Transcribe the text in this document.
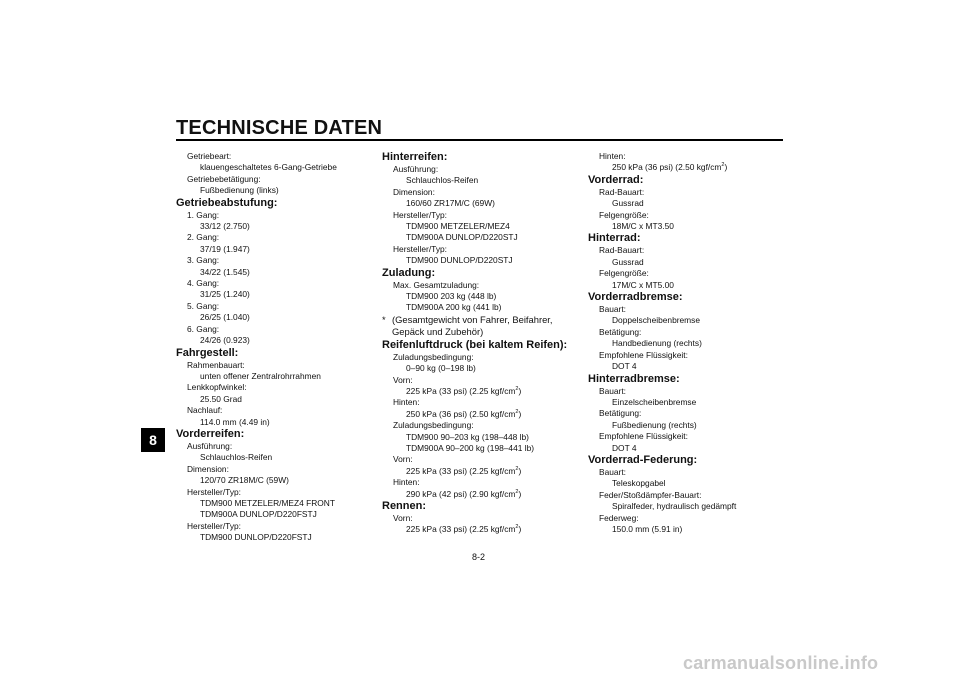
TECHNISCHE DATEN
8
Getriebeart:
klauengeschaltetes 6-Gang-Getriebe
Getriebebetätigung:
Fußbedienung (links)
Getriebeabstufung:
1. Gang:
33/12 (2.750)
2. Gang:
37/19 (1.947)
3. Gang:
34/22 (1.545)
4. Gang:
31/25 (1.240)
5. Gang:
26/25 (1.040)
6. Gang:
24/26 (0.923)
Fahrgestell:
Rahmenbauart:
unten offener Zentralrohrrahmen
Lenkkopfwinkel:
25.50 Grad
Nachlauf:
114.0 mm (4.49 in)
Vorderreifen:
Ausführung:
Schlauchlos-Reifen
Dimension:
120/70 ZR18M/C (59W)
Hersteller/Typ:
TDM900 METZELER/MEZ4 FRONT
TDM900A DUNLOP/D220FSTJ
Hersteller/Typ:
TDM900 DUNLOP/D220FSTJ
Hinterreifen:
Ausführung:
Schlauchlos-Reifen
Dimension:
160/60 ZR17M/C (69W)
Hersteller/Typ:
TDM900 METZELER/MEZ4
TDM900A DUNLOP/D220STJ
Hersteller/Typ:
TDM900 DUNLOP/D220STJ
Zuladung:
Max. Gesamtzuladung:
TDM900 203 kg (448 lb)
TDM900A 200 kg (441 lb)
* (Gesamtgewicht von Fahrer, Beifahrer, Gepäck und Zubehör)
Reifenluftdruck (bei kaltem Reifen):
Zuladungsbedingung:
0–90 kg (0–198 lb)
Vorn:
225 kPa (33 psi) (2.25 kgf/$cm^2$)
Hinten:
250 kPa (36 psi) (2.50 kgf/$cm^2$)
Zuladungsbedingung:
TDM900 90–203 kg (198–448 lb)
TDM900A 90–200 kg (198–441 lb)
Vorn:
225 kPa (33 psi) (2.25 kgf/$cm^2$)
Hinten:
290 kPa (42 psi) (2.90 kgf/$cm^2$)
Rennen:
Vorn:
225 kPa (33 psi) (2.25 kgf/$cm^2$)
Hinten:
250 kPa (36 psi) (2.50 kgf/$cm^2$)
Vorderrad:
Rad-Bauart:
Gussrad
Felgengröße:
18M/C x MT3.50
Hinterrad:
Rad-Bauart:
Gussrad
Felgengröße:
17M/C x MT5.00
Vorderradbremse:
Bauart:
Doppelscheibenbremse
Betätigung:
Handbedienung (rechts)
Empfohlene Flüssigkeit:
DOT 4
Hinterradbremse:
Bauart:
Einzelscheibenbremse
Betätigung:
Fußbedienung (rechts)
Empfohlene Flüssigkeit:
DOT 4
Vorderrad-Federung:
Bauart:
Teleskopgabel
Feder/Stoßdämpfer-Bauart:
Spiralfeder, hydraulisch gedämpft
Federweg:
150.0 mm (5.91 in)
8-2
carmanualsonline.info
